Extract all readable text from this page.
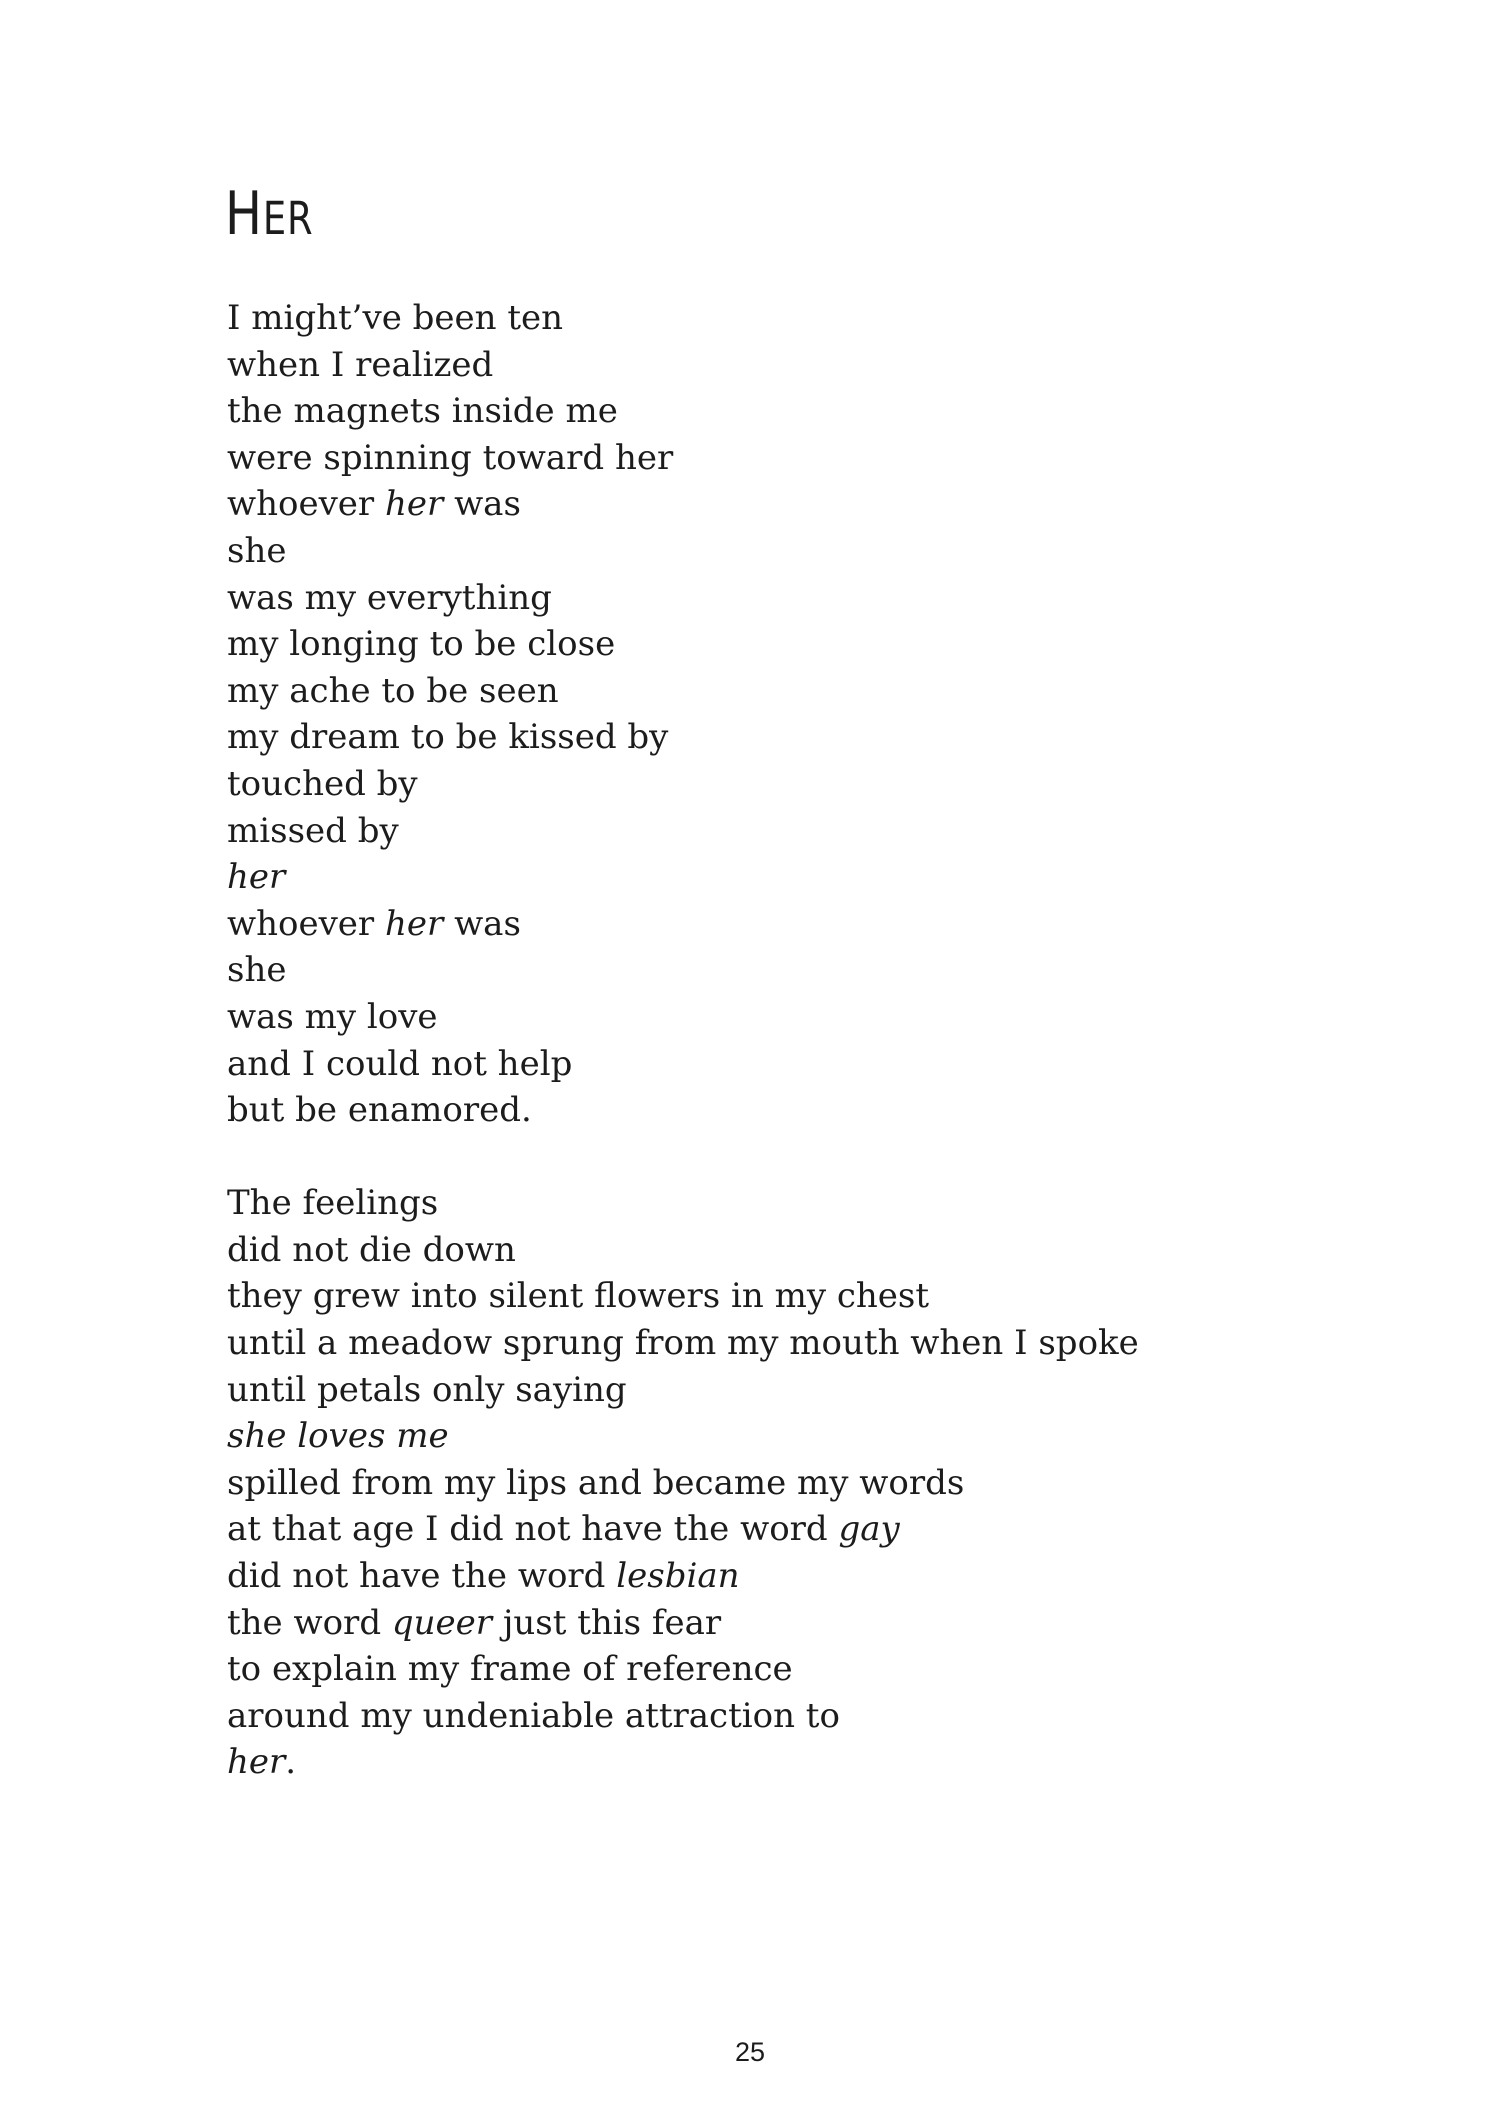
HER
I might’ve been ten
when I realized
the magnets inside me
were spinning toward her
whoever her was
she
was my everything
my longing to be close
my ache to be seen
my dream to be kissed by
touched by
missed by
her
whoever her was
she
was my love
and I could not help
but be enamored.
The feelings
did not die down
they grew into silent flowers in my chest
until a meadow sprung from my mouth when I spoke
until petals only saying
she loves me
spilled from my lips and became my words
at that age I did not have the word gay
did not have the word lesbian
the word queer just this fear
to explain my frame of reference
around my undeniable attraction to
her.
25
